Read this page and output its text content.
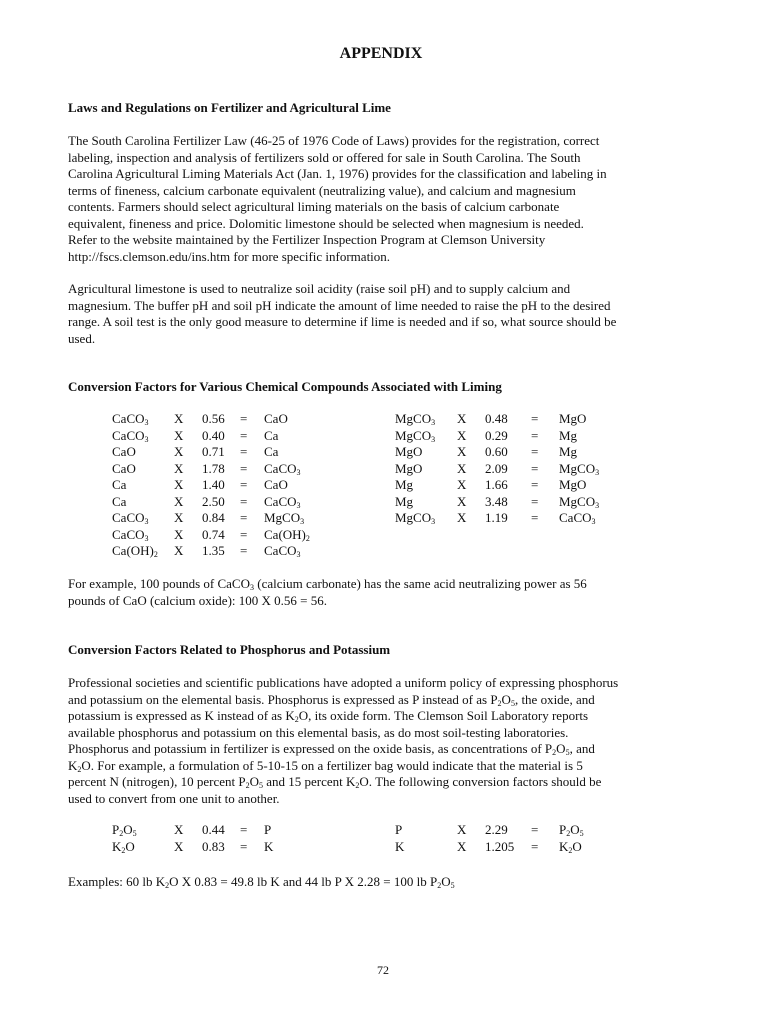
APPENDIX
Laws and Regulations on Fertilizer and Agricultural Lime

The South Carolina Fertilizer Law (46-25 of 1976 Code of Laws) provides for the registration, correct
labeling, inspection and analysis of fertilizers sold or offered for sale in South Carolina. The South
Carolina Agricultural Liming Materials Act (Jan. 1, 1976) provides for the classification and labeling in
terms of fineness, calcium carbonate equivalent (neutralizing value), and calcium and magnesium
contents. Farmers should select agricultural liming materials on the basis of calcium carbonate
equivalent, fineness and price. Dolomitic limestone should be selected when magnesium is needed.
Refer to the website maintained by the Fertilizer Inspection Program at Clemson University
http://fscs.clemson.edu/ins.htm for more specific information.

Agricultural limestone is used to neutralize soil acidity (raise soil pH) and to supply calcium and
magnesium. The buffer pH and soil pH indicate the amount of lime needed to raise the pH to the desired
range. A soil test is the only good measure to determine if lime is needed and if so, what source should be
used.

Conversion Factors for Various Chemical Compounds Associated with Liming
CaCO$_3$	X	0.56	=	CaO
CaCO$_3$	X	0.40	=	Ca
CaO	X	0.71	=	Ca
CaO	X	1.78	=	CaCO$_3$
Ca	X	1.40	=	CaO
Ca	X	2.50	=	CaCO$_3$
CaCO$_3$	X	0.84	=	MgCO$_3$
CaCO$_3$	X	0.74	=	$Ca(OH)_2$
$Ca(OH)_2$	X	1.35	=	CaCO$_3$
MgCO$_3$	X	0.48	=	MgO
MgCO$_3$	X	0.29	=	Mg
MgO	X	0.60	=	Mg
MgO	X	2.09	=	MgCO$_3$
Mg	X	1.66	=	MgO
Mg	X	3.48	=	MgCO$_3$
MgCO$_3$	X	1.19	=	CaCO$_3$

For example, 100 pounds of CaCO$_3$ (calcium carbonate) has the same acid neutralizing power as 56
pounds of CaO (calcium oxide): 100 X 0.56 = 56.

Conversion Factors Related to Phosphorus and Potassium

Professional societies and scientific publications have adopted a uniform policy of expressing phosphorus
and potassium on the elemental basis. Phosphorus is expressed as P instead of as $P_2O_5$, the oxide, and
potassium is expressed as K instead of as $K_2O$, its oxide form. The Clemson Soil Laboratory reports
available phosphorus and potassium on this elemental basis, as do most soil-testing laboratories.
Phosphorus and potassium in fertilizer is expressed on the oxide basis, as concentrations of $P_2O_5$, and
$K_2O$. For example, a formulation of 5-10-15 on a fertilizer bag would indicate that the material is 5
percent N (nitrogen), 10 percent $P_2O_5$ and 15 percent $K_2O$. The following conversion factors should be
used to convert from one unit to another.

$P_2O_5$	X	0.44	=	P
$K_2O$	X	0.83	=	K
P	X	2.29	=	$P_2O_5$
K	X	1.205	=	$K_2O$

Examples: 60 lb $K_2O$ X 0.83 = 49.8 lb K and 44 lb P X 2.28 = 100 lb $P_2O_5$

72
